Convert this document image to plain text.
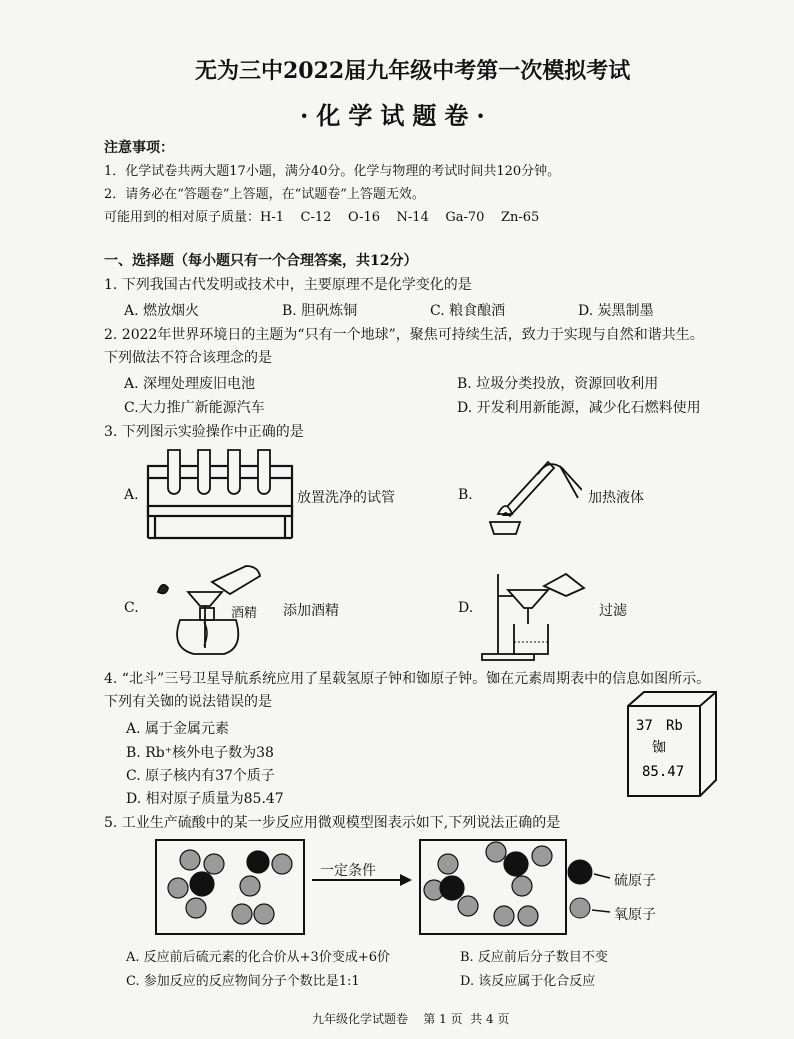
无为三中2022届九年级中考第一次模拟考试
·化学试题卷·
注意事项：
1．化学试卷共两大题17小题，满分40分。化学与物理的考试时间共120分钟。
2．请务必在“答题卷”上答题，在“试题卷”上答题无效。
可能用到的相对原子质量：H-1    C-12    O-16    N-14    Ga-70    Zn-65
一、选择题（每小题只有一个合理答案，共12分）
1. 下列我国古代发明或技术中，主要原理不是化学变化的是
A. 燃放烟火	B. 胆矾炼铜	C. 粮食酿酒	D. 炭黑制墨
2. 2022年世界环境日的主题为“只有一个地球”，聚焦可持续生活，致力于实现与自然和谐共生。
下列做法不符合该理念的是
A. 深埋处理废旧电池	B. 垃圾分类投放，资源回收利用
C.大力推广新能源汽车	D. 开发利用新能源，减少化石燃料使用
3. 下列图示实验操作中正确的是
A.	放置洗净的试管	B.	加热液体
C.	酒精 添加酒精	D.	过滤
4. “北斗”三号卫星导航系统应用了星载氢原子钟和铷原子钟。铷在元素周期表中的信息如图所示。
下列有关铷的说法错误的是
A. 属于金属元素
B. Rb⁺核外电子数为38
C. 原子核内有37个质子
D. 相对原子质量为85.47
37 Rb
铷
85.47
5. 工业生产硫酸中的某一步反应用微观模型图表示如下,下列说法正确的是
一定条件
硫原子
氧原子
A. 反应前后硫元素的化合价从+3价变成+6价	B. 反应前后分子数目不变
C. 参加反应的反应物间分子个数比是1:1	D. 该反应属于化合反应
九年级化学试题卷    第 1 页  共 4 页
